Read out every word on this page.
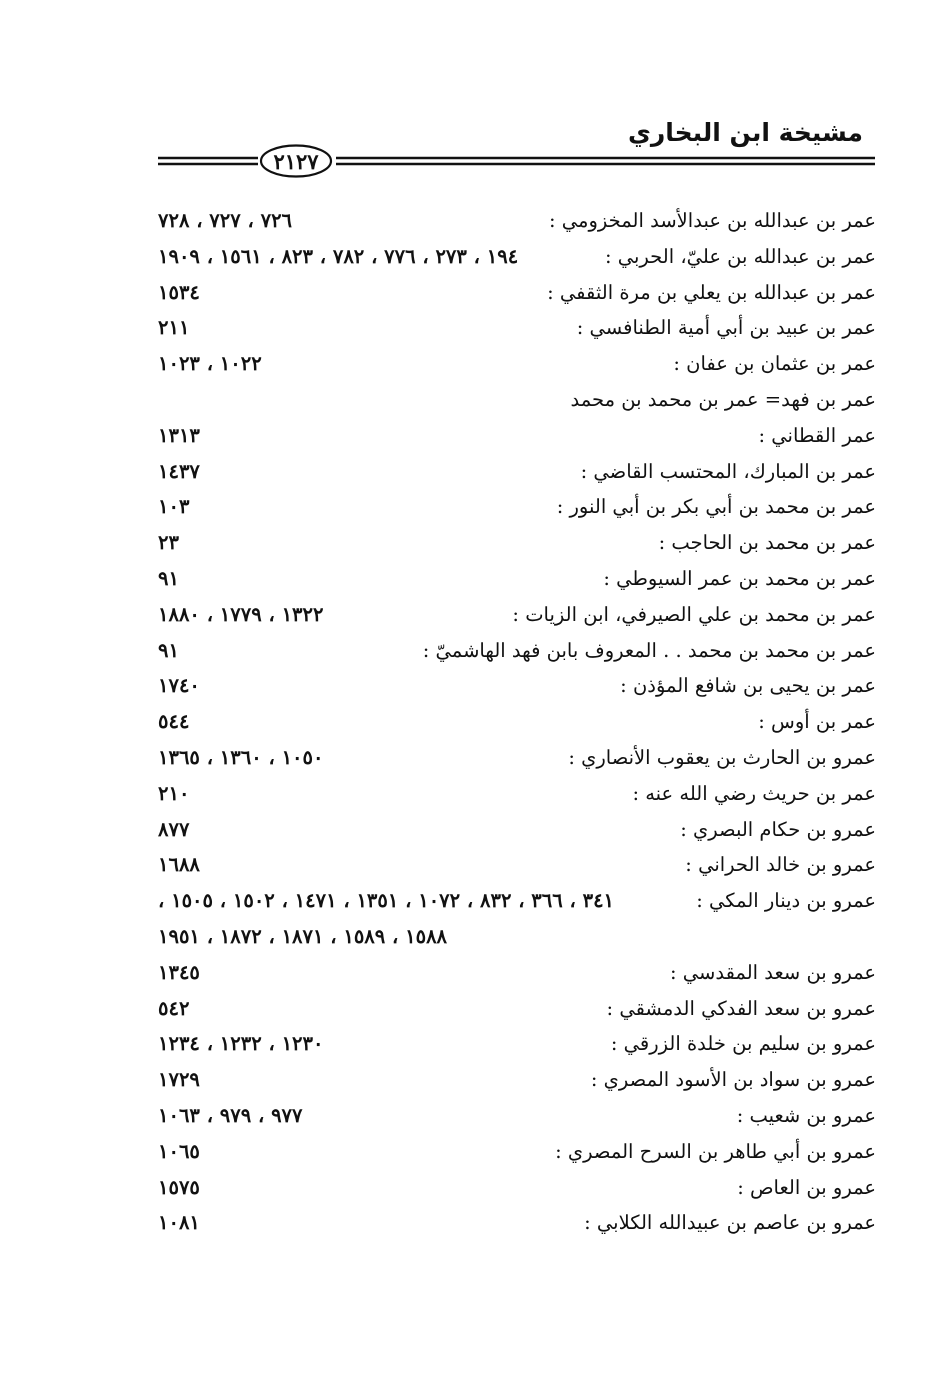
مشيخة ابن البخاري
٢١٢٧
عمر بن عبدالله بن عبدالأسد المخزومي :
٧٢٦ ، ٧٢٧ ، ٧٢٨
عمر بن عبدالله بن عليّ، الحربي :
١٩٤ ، ٢٧٣ ، ٧٧٦ ، ٧٨٢ ، ٨٢٣ ، ١٥٦١ ، ١٩٠٩
عمر بن عبدالله بن يعلي بن مرة الثقفي :
١٥٣٤
عمر بن عبيد بن أبي أمية الطنافسي :
٢١١
عمر بن عثمان بن عفان :
١٠٢٢ ، ١٠٢٣
عمر بن فهد= عمر بن محمد بن محمد
عمر القطاني :
١٣١٣
عمر بن المبارك، المحتسب القاضي :
١٤٣٧
عمر بن محمد بن أبي بكر بن أبي النور :
١٠٣
عمر بن محمد بن الحاجب :
٢٣
عمر بن محمد بن عمر السيوطي :
٩١
عمر بن محمد بن علي الصيرفي، ابن الزيات :
١٣٢٢ ، ١٧٧٩ ، ١٨٨٠
عمر بن محمد بن محمد . . المعروف بابن فهد الهاشميّ :
٩١
عمر بن يحيى بن شافع المؤذن :
١٧٤٠
عمر بن أوس :
٥٤٤
عمرو بن الحارث بن يعقوب الأنصاري :
١٠٥٠ ، ١٣٦٠ ، ١٣٦٥
عمر بن حريث رضي الله عنه :
٢١٠
عمرو بن حكام البصري :
٨٧٧
عمرو بن خالد الحراني :
١٦٨٨
عمرو بن دينار المكي :
٣٤١ ، ٣٦٦ ، ٨٣٢ ، ١٠٧٢ ، ١٣٥١ ، ١٤٧١ ، ١٥٠٢ ، ١٥٠٥ ،
١٥٨٨ ، ١٥٨٩ ، ١٨٧١ ، ١٨٧٢ ، ١٩٥١
عمرو بن سعد المقدسي :
١٣٤٥
عمرو بن سعد الفدكي الدمشقي :
٥٤٢
عمرو بن سليم بن خلدة الزرقي :
١٢٣٠ ، ١٢٣٢ ، ١٢٣٤
عمرو بن سواد بن الأسود المصري :
١٧٢٩
عمرو بن شعيب :
٩٧٧ ، ٩٧٩ ، ١٠٦٣
عمرو بن أبي طاهر بن السرح المصري :
١٠٦٥
عمرو بن العاص :
١٥٧٥
عمرو بن عاصم بن عبيدالله الكلابي :
١٠٨١
